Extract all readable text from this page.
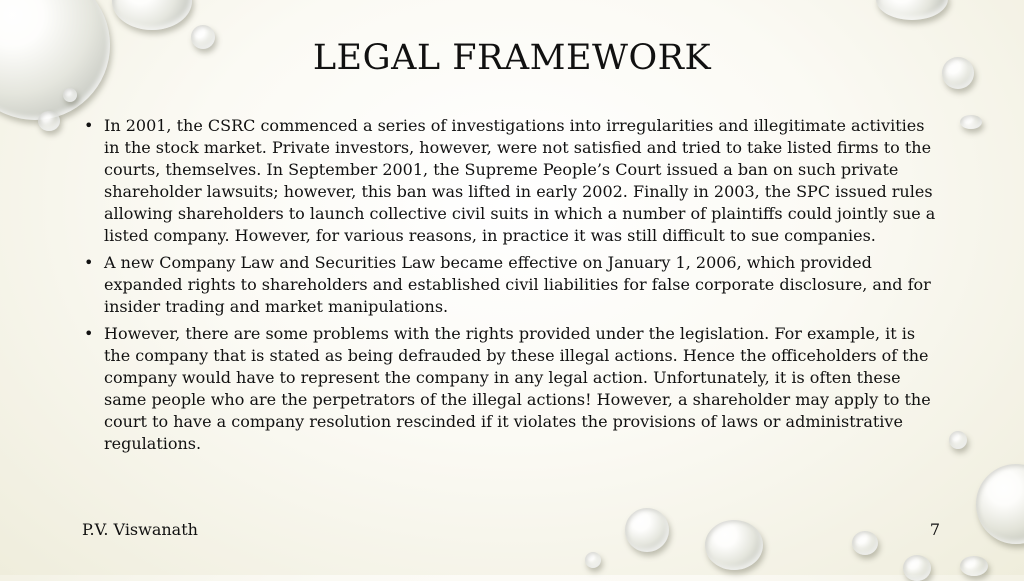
LEGAL FRAMEWORK
• In 2001, the CSRC commenced a series of investigations into irregularities and illegitimate activities in the stock market. Private investors, however, were not satisfied and tried to take listed firms to the courts, themselves. In September 2001, the Supreme People’s Court issued a ban on such private shareholder lawsuits; however, this ban was lifted in early 2002. Finally in 2003, the SPC issued rules allowing shareholders to launch collective civil suits in which a number of plaintiffs could jointly sue a listed company. However, for various reasons, in practice it was still difficult to sue companies.
• A new Company Law and Securities Law became effective on January 1, 2006, which provided expanded rights to shareholders and established civil liabilities for false corporate disclosure, and for insider trading and market manipulations.
• However, there are some problems with the rights provided under the legislation. For example, it is the company that is stated as being defrauded by these illegal actions. Hence the officeholders of the company would have to represent the company in any legal action. Unfortunately, it is often these same people who are the perpetrators of the illegal actions! However, a shareholder may apply to the court to have a company resolution rescinded if it violates the provisions of laws or administrative regulations.
P.V. Viswanath	7
